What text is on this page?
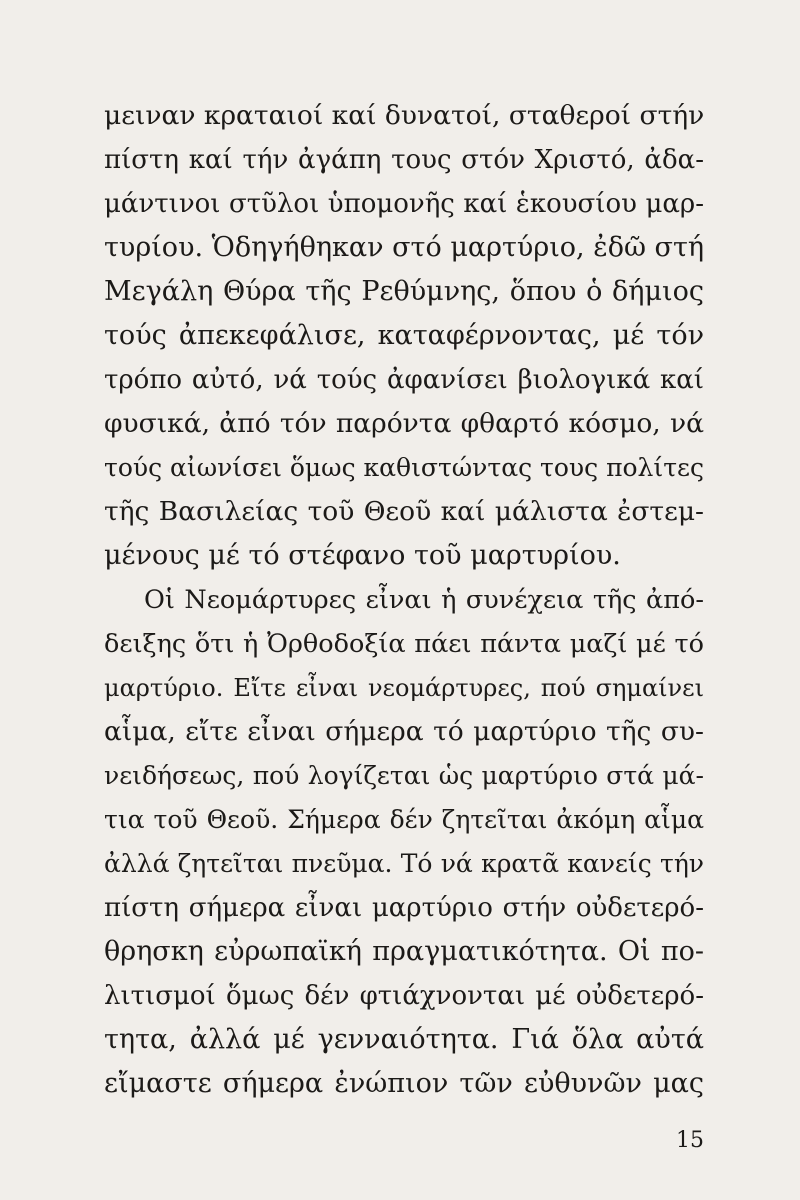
μειναν κραταιοί καί δυνατοί, σταθεροί στήν
πίστη καί τήν ἀγάπη τους στόν Χριστό, ἀδα-
μάντινοι στῦλοι ὑπομονῆς καί ἑκουσίου μαρ-
τυρίου. Ὁδηγήθηκαν στό μαρτύριο, ἐδῶ στή
Μεγάλη Θύρα τῆς Ρεθύμνης, ὅπου ὁ δήμιος
τούς ἀπεκεφάλισε, καταφέρνοντας, μέ τόν
τρόπο αὐτό, νά τούς ἀφανίσει βιολογικά καί
φυσικά, ἀπό τόν παρόντα φθαρτό κόσμο, νά
τούς αἰωνίσει ὅμως καθιστώντας τους πολίτες
τῆς Βασιλείας τοῦ Θεοῦ καί μάλιστα ἐστεμ-
μένους μέ τό στέφανο τοῦ μαρτυρίου.
Οἱ Νεομάρτυρες εἶναι ἡ συνέχεια τῆς ἀπό-
δειξης ὅτι ἡ Ὀρθοδοξία πάει πάντα μαζί μέ τό
μαρτύριο. Εἴτε εἶναι νεομάρτυρες, πού σημαίνει
αἷμα, εἴτε εἶναι σήμερα τό μαρτύριο τῆς συ-
νειδήσεως, πού λογίζεται ὡς μαρτύριο στά μά-
τια τοῦ Θεοῦ. Σήμερα δέν ζητεῖται ἀκόμη αἷμα
ἀλλά ζητεῖται πνεῦμα. Τό νά κρατᾶ κανείς τήν
πίστη σήμερα εἶναι μαρτύριο στήν οὐδετερό-
θρησκη εὐρωπαϊκή πραγματικότητα. Οἱ πο-
λιτισμοί ὅμως δέν φτιάχνονται μέ οὐδετερό-
τητα, ἀλλά μέ γενναιότητα. Γιά ὅλα αὐτά
εἴμαστε σήμερα ἐνώπιον τῶν εὐθυνῶν μας
15
